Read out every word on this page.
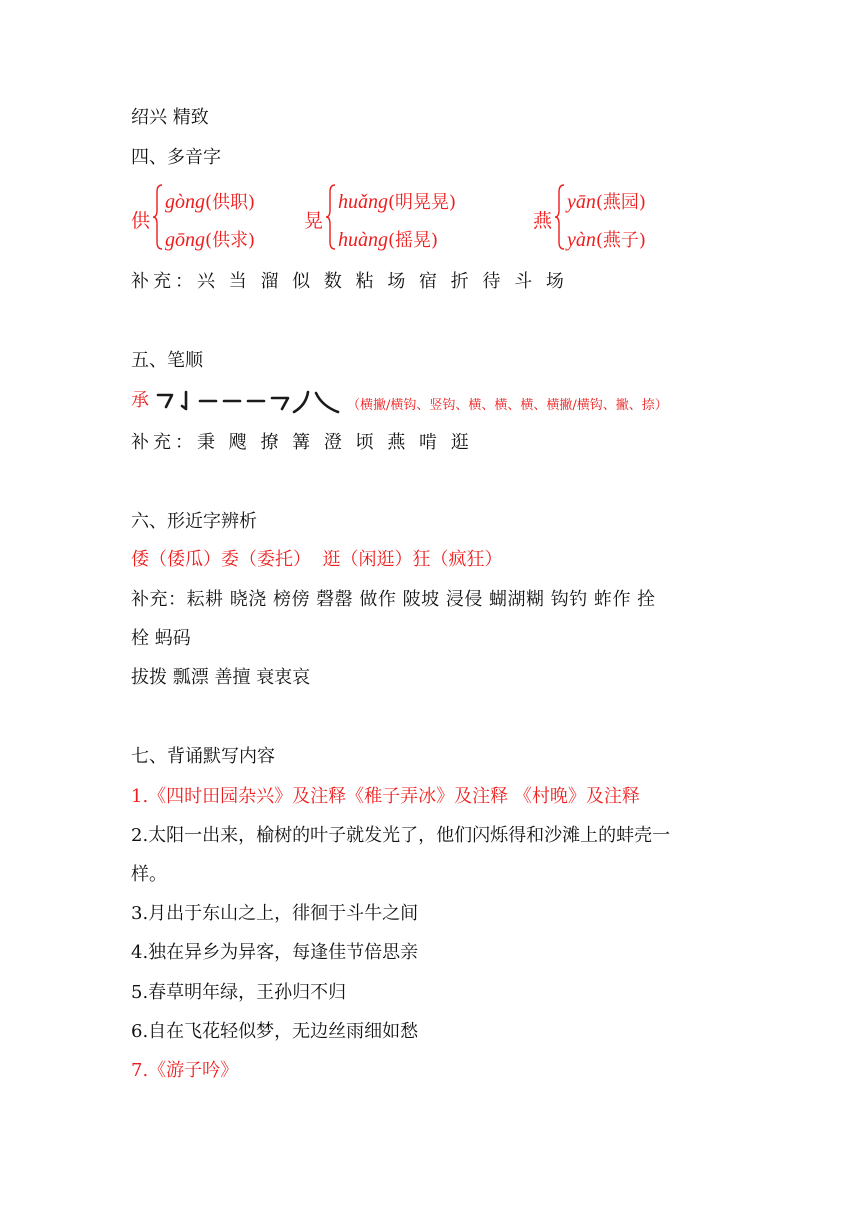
绍兴 精致
四、多音字
供
gòng(供职)
gōng(供求)
晃
huǎng(明晃晃)
huàng(摇晃)
燕
yān(燕园)
yàn(燕子)
补充：兴 当 溜 似 数 粘 场 宿 折 待 斗 场
五、笔顺
承	（横撇/横钩、竖钩、横、横、横、横撇/横钩、撇、捺）
补充：秉 飕 撩 篝 澄 顷 燕 啃 逛
六、形近字辨析
倭（倭瓜）委（委托）  逛（闲逛）狂（疯狂）
补充：耘耕 晓浇 榜傍 磬罄 做作 陂坡 浸侵 蝴湖糊 钩钓 蚱作 拴
栓 蚂码
拔拨 瓢漂 善擅 衰衷哀
七、背诵默写内容
1.《四时田园杂兴》及注释《稚子弄冰》及注释 《村晚》及注释
2.太阳一出来，榆树的叶子就发光了，他们闪烁得和沙滩上的蚌壳一
样。
3.月出于东山之上，徘徊于斗牛之间
4.独在异乡为异客，每逢佳节倍思亲
5.春草明年绿，王孙归不归
6.自在飞花轻似梦，无边丝雨细如愁
7.《游子吟》
